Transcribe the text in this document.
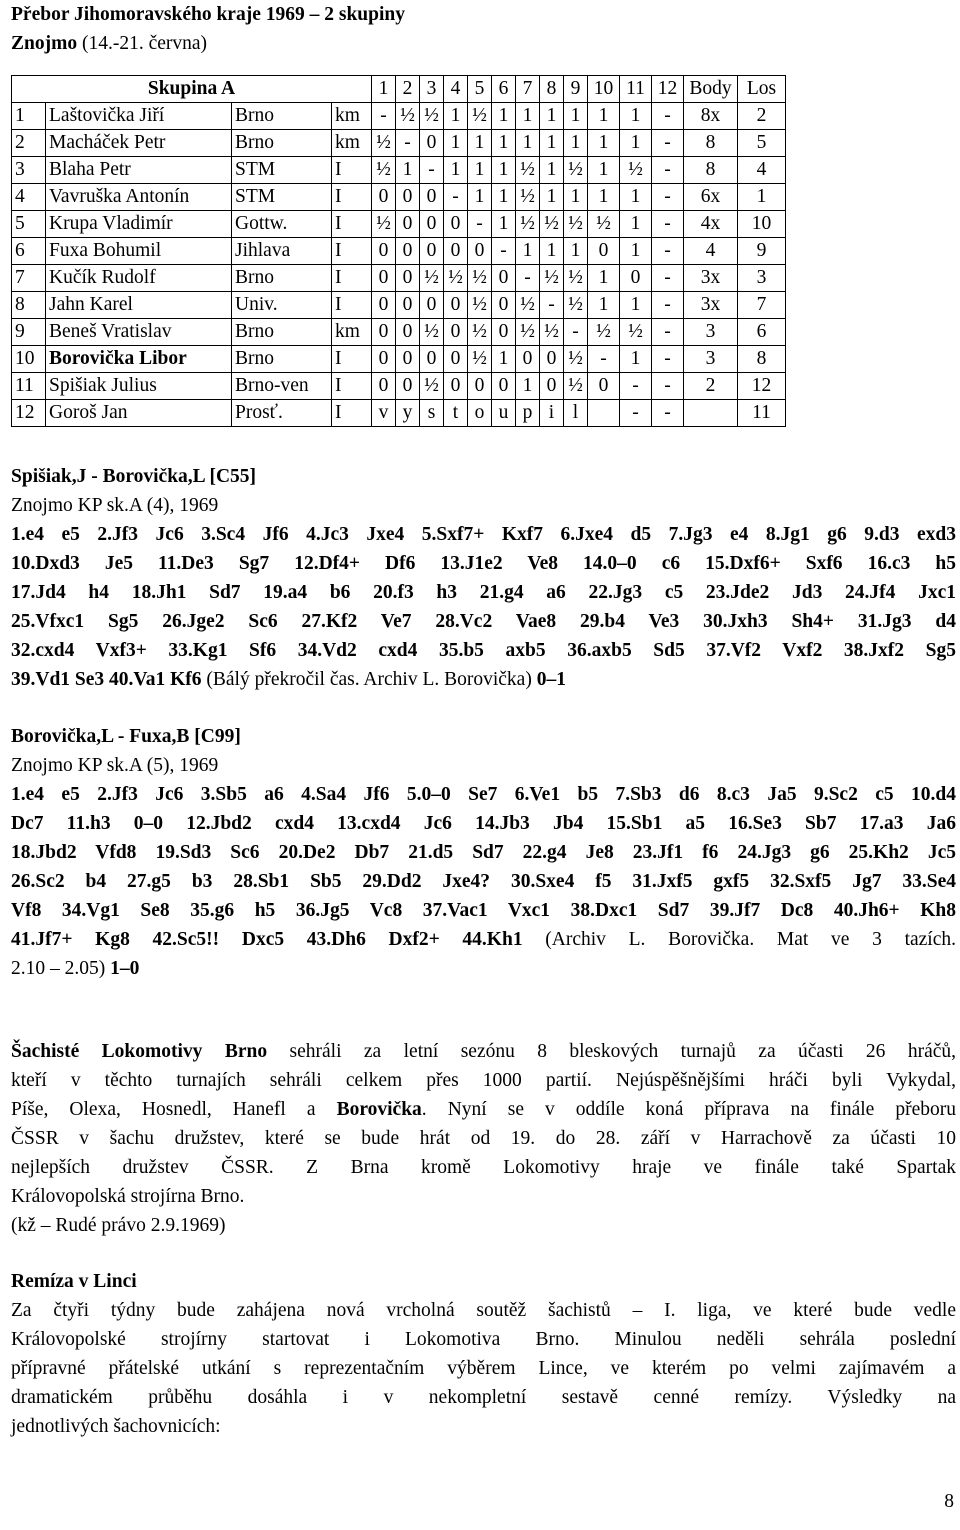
Přebor Jihomoravského kraje 1969 – 2 skupiny
Znojmo (14.-21. června)
Skupina A				1	2	3	4	5	6	7	8	9	10	11	12	Body	Los
1	Laštovička Jiří	Brno	km	-	½	½	1	½	1	1	1	1	1	1	-	8x	2
2	Macháček Petr	Brno	km	½	-	0	1	1	1	1	1	1	1	1	-	8	5
3	Blaha Petr	STM	I	½	1	-	1	1	1	½	1	½	1	½	-	8	4
4	Vavruška Antonín	STM	I	0	0	0	-	1	1	½	1	1	1	1	-	6x	1
5	Krupa Vladimír	Gottw.	I	½	0	0	0	-	1	½	½	½	½	1	-	4x	10
6	Fuxa Bohumil	Jihlava	I	0	0	0	0	0	-	1	1	1	0	1	-	4	9
7	Kučík Rudolf	Brno	I	0	0	½	½	½	0	-	½	½	1	0	-	3x	3
8	Jahn Karel	Univ.	I	0	0	0	0	½	0	½	-	½	1	1	-	3x	7
9	Beneš Vratislav	Brno	km	0	0	½	0	½	0	½	½	-	½	½	-	3	6
10	Borovička Libor	Brno	I	0	0	0	0	½	1	0	0	½	-	1	-	3	8
11	Spišiak Julius	Brno-ven	I	0	0	½	0	0	0	1	0	½	0	-	-	2	12
12	Goroš Jan	Prosť.	I	v	y	s	t	o	u	p	i	l		-	-		11
Spišiak,J - Borovička,L [C55]
Znojmo KP sk.A (4), 1969
1.e4 e5 2.Jf3 Jc6 3.Sc4 Jf6 4.Jc3 Jxe4 5.Sxf7+ Kxf7 6.Jxe4 d5 7.Jg3 e4 8.Jg1 g6 9.d3 exd3
10.Dxd3 Je5 11.De3 Sg7 12.Df4+ Df6 13.J1e2 Ve8 14.0–0 c6 15.Dxf6+ Sxf6 16.c3 h5
17.Jd4 h4 18.Jh1 Sd7 19.a4 b6 20.f3 h3 21.g4 a6 22.Jg3 c5 23.Jde2 Jd3 24.Jf4 Jxc1
25.Vfxc1 Sg5 26.Jge2 Sc6 27.Kf2 Ve7 28.Vc2 Vae8 29.b4 Ve3 30.Jxh3 Sh4+ 31.Jg3 d4
32.cxd4 Vxf3+ 33.Kg1 Sf6 34.Vd2 cxd4 35.b5 axb5 36.axb5 Sd5 37.Vf2 Vxf2 38.Jxf2 Sg5
39.Vd1 Se3 40.Va1 Kf6 (Bálý překročil čas. Archiv L. Borovička) 0–1
Borovička,L - Fuxa,B [C99]
Znojmo KP sk.A (5), 1969
1.e4 e5 2.Jf3 Jc6 3.Sb5 a6 4.Sa4 Jf6 5.0–0 Se7 6.Ve1 b5 7.Sb3 d6 8.c3 Ja5 9.Sc2 c5 10.d4
Dc7 11.h3 0–0 12.Jbd2 cxd4 13.cxd4 Jc6 14.Jb3 Jb4 15.Sb1 a5 16.Se3 Sb7 17.a3 Ja6
18.Jbd2 Vfd8 19.Sd3 Sc6 20.De2 Db7 21.d5 Sd7 22.g4 Je8 23.Jf1 f6 24.Jg3 g6 25.Kh2 Jc5
26.Sc2 b4 27.g5 b3 28.Sb1 Sb5 29.Dd2 Jxe4? 30.Sxe4 f5 31.Jxf5 gxf5 32.Sxf5 Jg7 33.Se4
Vf8 34.Vg1 Se8 35.g6 h5 36.Jg5 Vc8 37.Vac1 Vxc1 38.Dxc1 Sd7 39.Jf7 Dc8 40.Jh6+ Kh8
41.Jf7+ Kg8 42.Sc5!! Dxc5 43.Dh6 Dxf2+ 44.Kh1 (Archiv L. Borovička. Mat ve 3 tazích.
2.10 – 2.05) 1–0
Šachisté Lokomotivy Brno sehráli za letní sezónu 8 bleskových turnajů za účasti 26 hráčů,
kteří v těchto turnajích sehráli celkem přes 1000 partií. Nejúspěšnějšími hráči byli Vykydal,
Píše, Olexa, Hosnedl, Hanefl a Borovička. Nyní se v oddíle koná příprava na finále přeboru
ČSSR v šachu družstev, které se bude hrát od 19. do 28. září v Harrachově za účasti 10
nejlepších družstev ČSSR. Z Brna kromě Lokomotivy hraje ve finále také Spartak
Královopolská strojírna Brno.
(kž – Rudé právo 2.9.1969)
Remíza v Linci
Za čtyři týdny bude zahájena nová vrcholná soutěž šachistů – I. liga, ve které bude vedle
Královopolské strojírny startovat i Lokomotiva Brno. Minulou neděli sehrála poslední
přípravné přátelské utkání s reprezentačním výběrem Lince, ve kterém po velmi zajímavém a
dramatickém průběhu dosáhla i v nekompletní sestavě cenné remízy. Výsledky na
jednotlivých šachovnicích:
8
